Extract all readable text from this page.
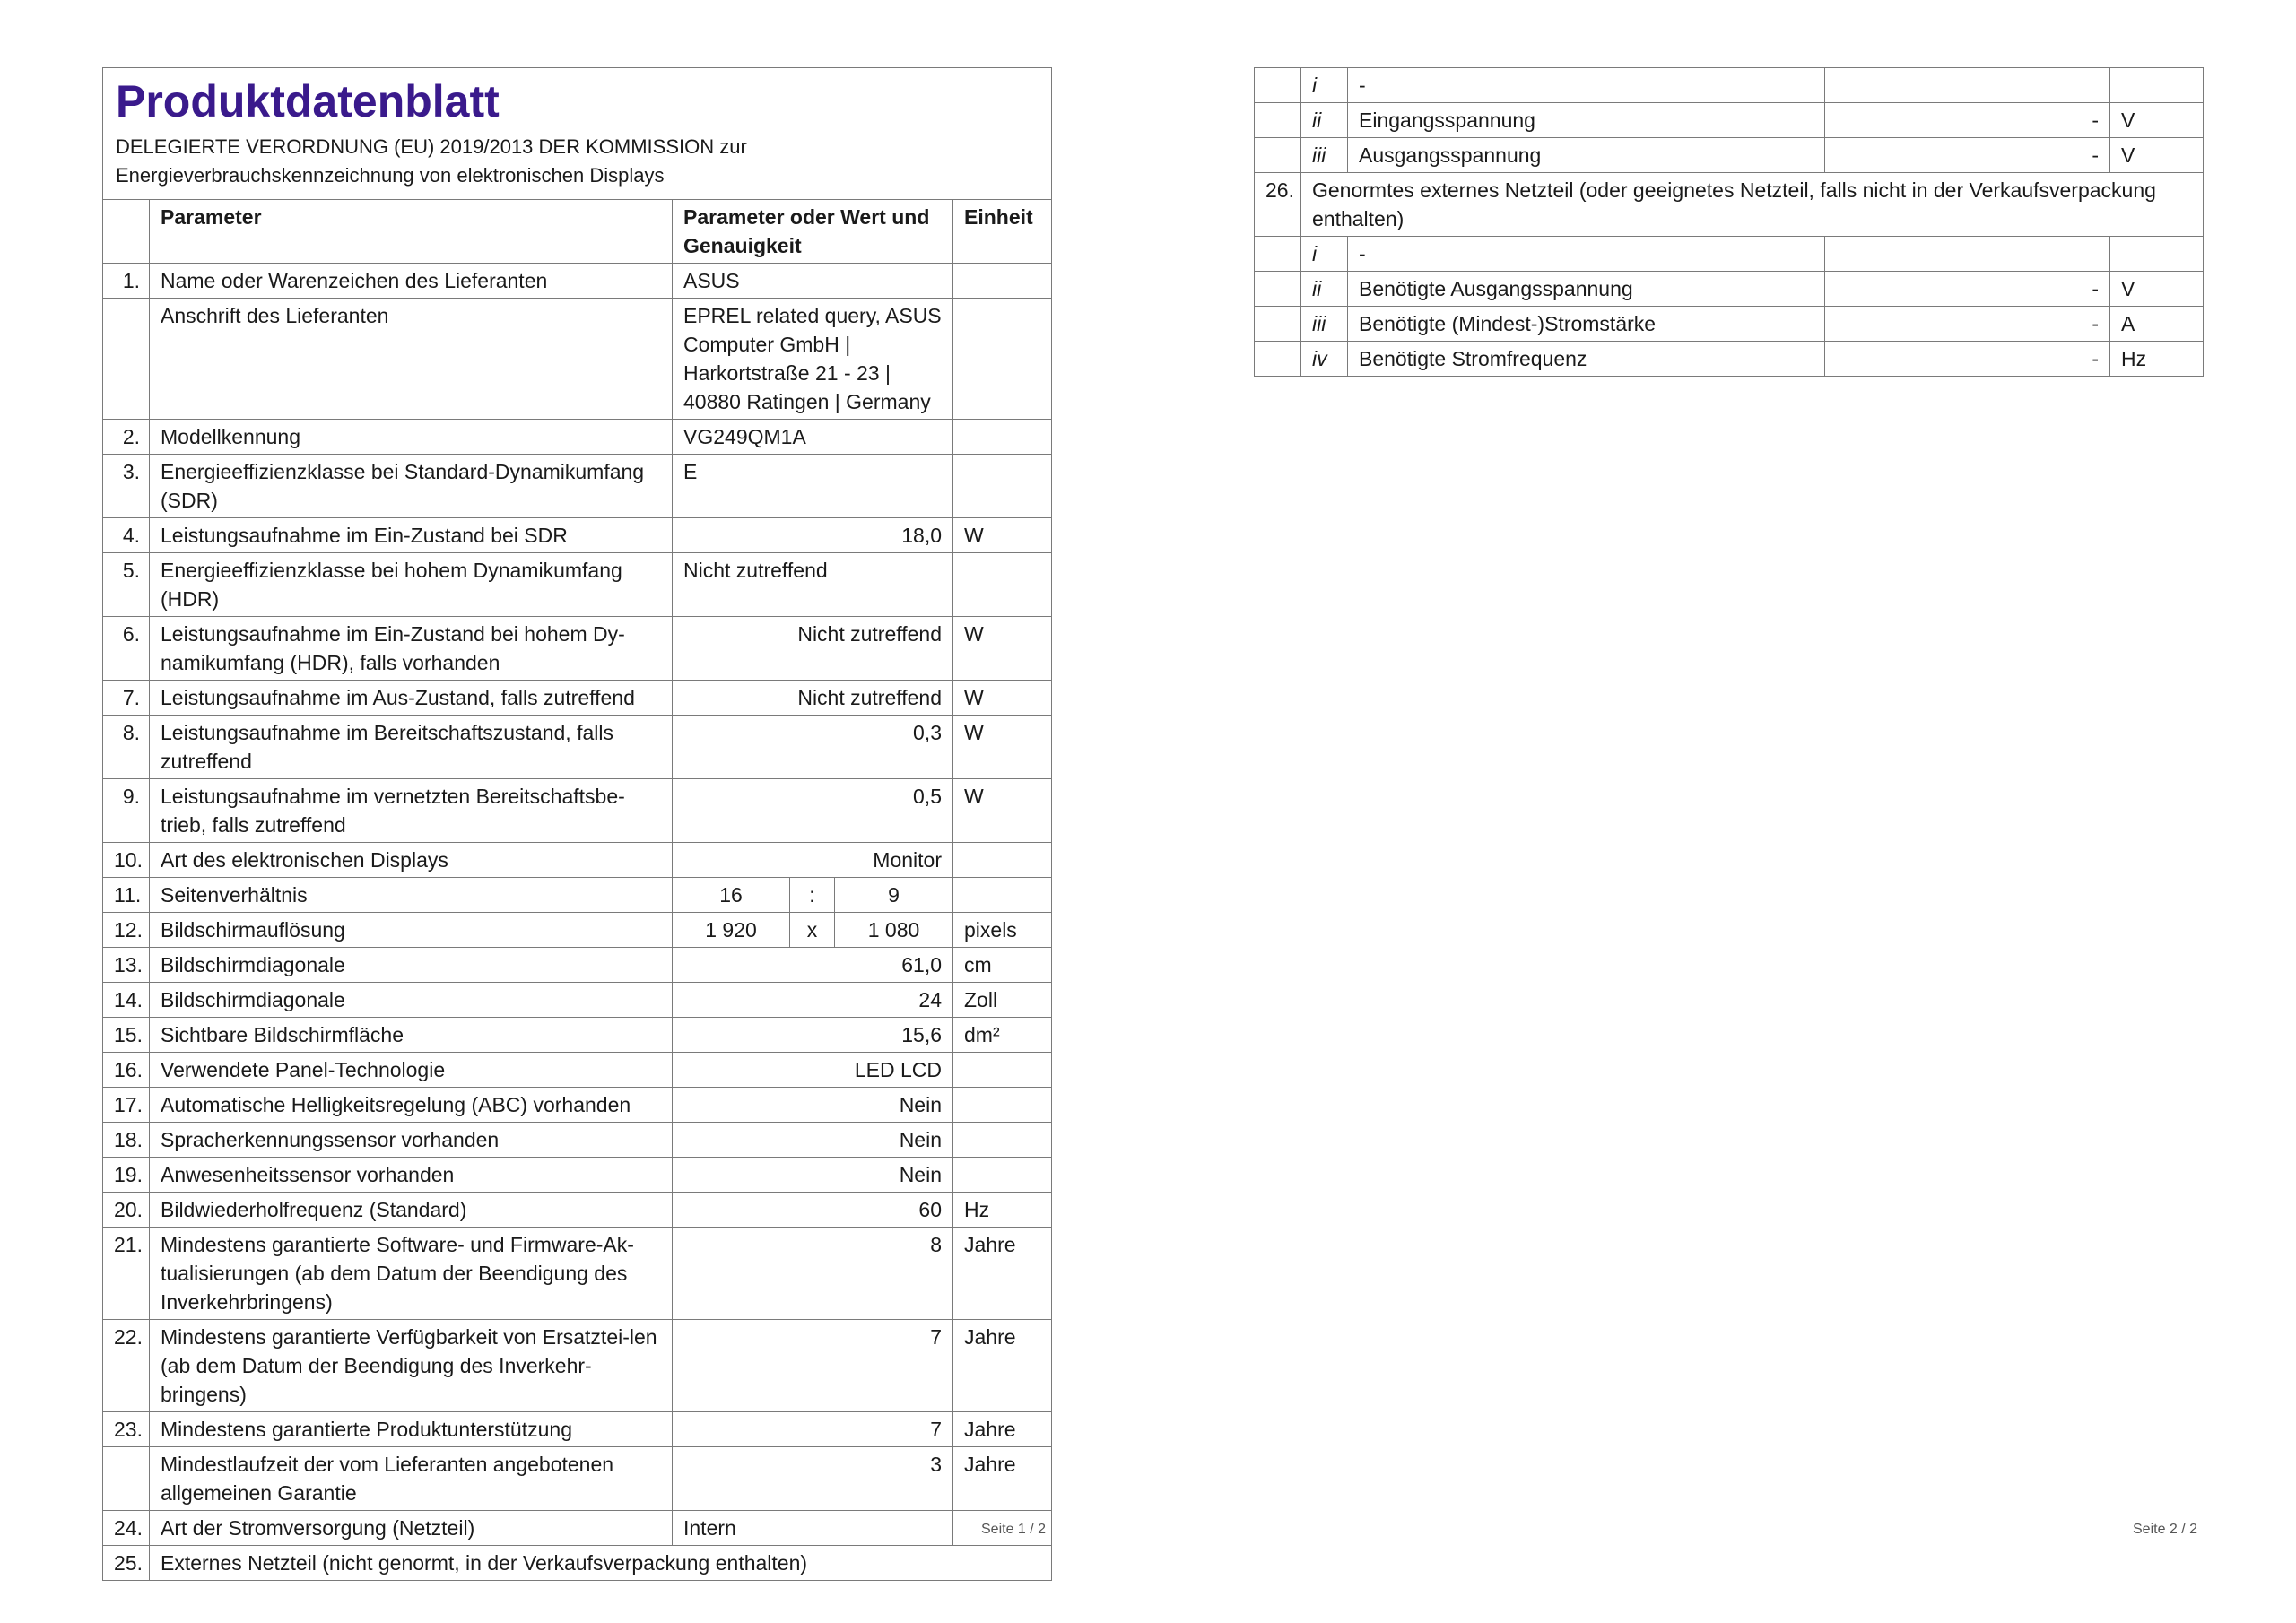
Produktdatenblatt
DELEGIERTE VERORDNUNG (EU) 2019/2013 DER KOMMISSION zur
Energieverbrauchskennzeichnung von elektronischen Displays					

	Parameter	Parameter oder Wert und Genauigkeit			Einheit
1.	Name oder Warenzeichen des Lieferanten	ASUS			
	Anschrift des Lieferanten	EPREL related query, ASUS Computer GmbH | Harkortstraße 21 - 23 | 40880 Ratingen | Germany			
2.	Modellkennung	VG249QM1A			
3.	Energieeffizienzklasse bei Standard-Dynamikumfang (SDR)	E			
4.	Leistungsaufnahme im Ein-Zustand bei SDR	18,0			W
5.	Energieeffizienzklasse bei hohem Dynamikumfang (HDR)	Nicht zutreffend			
6.	Leistungsaufnahme im Ein-Zustand bei hohem Dy-namikumfang (HDR), falls vorhanden	Nicht zutreffend			W
7.	Leistungsaufnahme im Aus-Zustand, falls zutreffend	Nicht zutreffend			W
8.	Leistungsaufnahme im Bereitschaftszustand, falls zutreffend	0,3			W
9.	Leistungsaufnahme im vernetzten Bereitschaftsbe-trieb, falls zutreffend	0,5			W
10.	Art des elektronischen Displays	Monitor			
11.	Seitenverhältnis	16	:	9	
12.	Bildschirmauflösung	1 920	x	1 080	pixels
13.	Bildschirmdiagonale	61,0			cm
14.	Bildschirmdiagonale	24			Zoll
15.	Sichtbare Bildschirmfläche	15,6			dm²
16.	Verwendete Panel-Technologie	LED LCD			
17.	Automatische Helligkeitsregelung (ABC) vorhanden	Nein			
18.	Spracherkennungssensor vorhanden	Nein			
19.	Anwesenheitssensor vorhanden	Nein			
20.	Bildwiederholfrequenz (Standard)	60			Hz
21.	Mindestens garantierte Software- und Firmware-Ak-tualisierungen (ab dem Datum der Beendigung des Inverkehrbringens)	8			Jahre
22.	Mindestens garantierte Verfügbarkeit von Ersatztei-len (ab dem Datum der Beendigung des Inverkehr-bringens)	7			Jahre
23.	Mindestens garantierte Produktunterstützung	7			Jahre
	Mindestlaufzeit der vom Lieferanten angebotenen allgemeinen Garantie	3			Jahre
24.	Art der Stromversorgung (Netzteil)	Intern			
25.	Externes Netzteil (nicht genormt, in der Verkaufsverpackung enthalten)				
Seite 1 / 2
	i	-		
	ii	Eingangsspannung	-	V
	iii	Ausgangsspannung	-	V
26.	Genormtes externes Netzteil (oder geeignetes Netzteil, falls nicht in der Verkaufsverpackung enthalten)			
	i	-		
	ii	Benötigte Ausgangsspannung	-	V
	iii	Benötigte (Mindest-)Stromstärke	-	A
	iv	Benötigte Stromfrequenz	-	Hz
Seite 2 / 2
